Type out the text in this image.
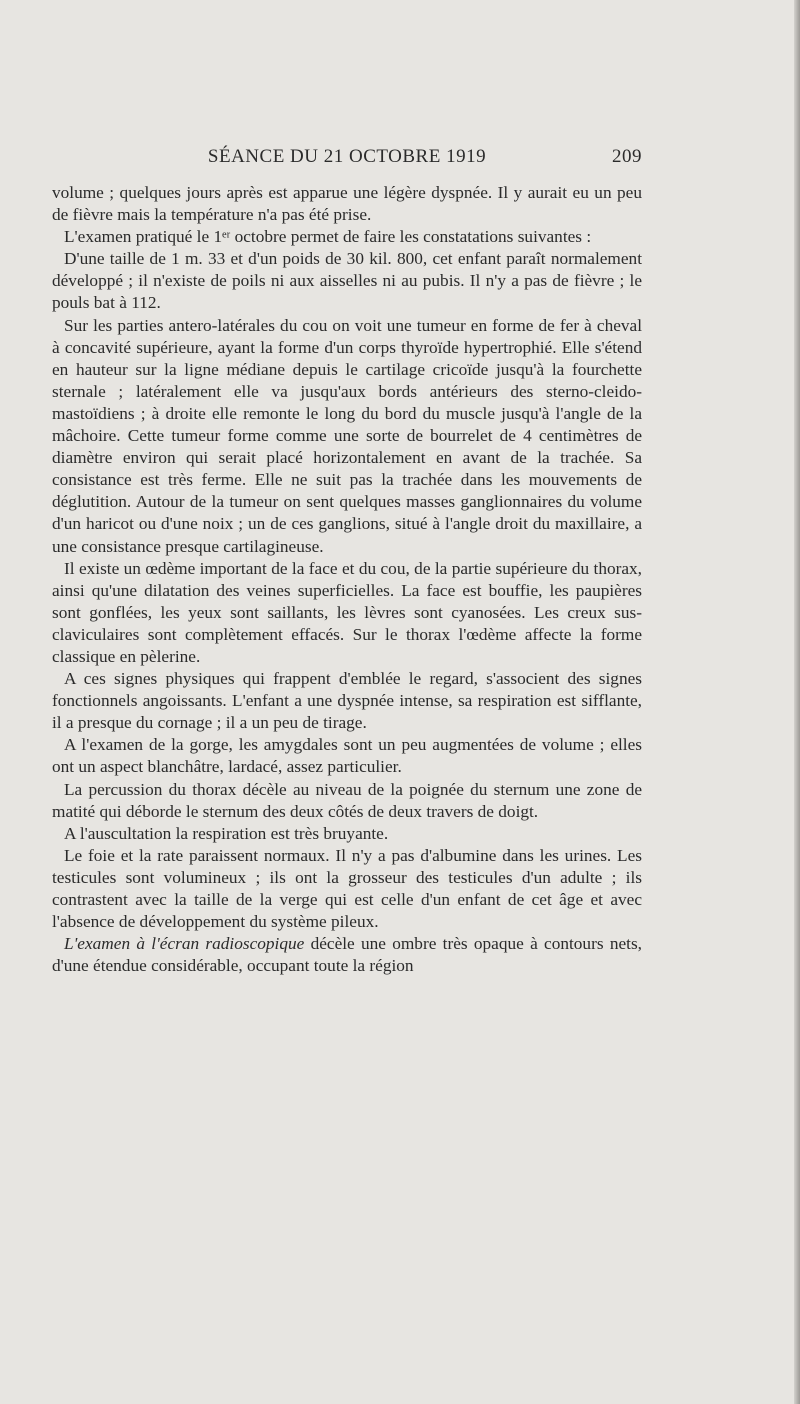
SÉANCE DU 21 OCTOBRE 1919	209

volume ; quelques jours après est apparue une légère dyspnée. Il y aurait eu un peu de fièvre mais la température n'a pas été prise.

L'examen pratiqué le 1ᵉʳ octobre permet de faire les constatations suivantes :

D'une taille de 1 m. 33 et d'un poids de 30 kil. 800, cet enfant paraît normalement développé ; il n'existe de poils ni aux aisselles ni au pubis. Il n'y a pas de fièvre ; le pouls bat à 112.

Sur les parties antero-latérales du cou on voit une tumeur en forme de fer à cheval à concavité supérieure, ayant la forme d'un corps thyroïde hypertrophié. Elle s'étend en hauteur sur la ligne médiane depuis le cartilage cricoïde jusqu'à la fourchette sternale ; latéralement elle va jusqu'aux bords antérieurs des sterno-cleido-mastoïdiens ; à droite elle remonte le long du bord du muscle jusqu'à l'angle de la mâchoire. Cette tumeur forme comme une sorte de bourrelet de 4 centimètres de diamètre environ qui serait placé horizontalement en avant de la trachée. Sa consistance est très ferme. Elle ne suit pas la trachée dans les mouvements de déglutition. Autour de la tumeur on sent quelques masses ganglionnaires du volume d'un haricot ou d'une noix ; un de ces ganglions, situé à l'angle droit du maxillaire, a une consistance presque cartilagineuse.

Il existe un œdème important de la face et du cou, de la partie supérieure du thorax, ainsi qu'une dilatation des veines superficielles. La face est bouffie, les paupières sont gonflées, les yeux sont saillants, les lèvres sont cyanosées. Les creux sus-claviculaires sont complètement effacés. Sur le thorax l'œdème affecte la forme classique en pèlerine.

A ces signes physiques qui frappent d'emblée le regard, s'associent des signes fonctionnels angoissants. L'enfant a une dyspnée intense, sa respiration est sifflante, il a presque du cornage ; il a un peu de tirage.

A l'examen de la gorge, les amygdales sont un peu augmentées de volume ; elles ont un aspect blanchâtre, lardacé, assez particulier.

La percussion du thorax décèle au niveau de la poignée du sternum une zone de matité qui déborde le sternum des deux côtés de deux travers de doigt.

A l'auscultation la respiration est très bruyante.

Le foie et la rate paraissent normaux. Il n'y a pas d'albumine dans les urines. Les testicules sont volumineux ; ils ont la grosseur des testicules d'un adulte ; ils contrastent avec la taille de la verge qui est celle d'un enfant de cet âge et avec l'absence de développement du système pileux.

L'examen à l'écran radioscopique décèle une ombre très opaque à contours nets, d'une étendue considérable, occupant toute la région
